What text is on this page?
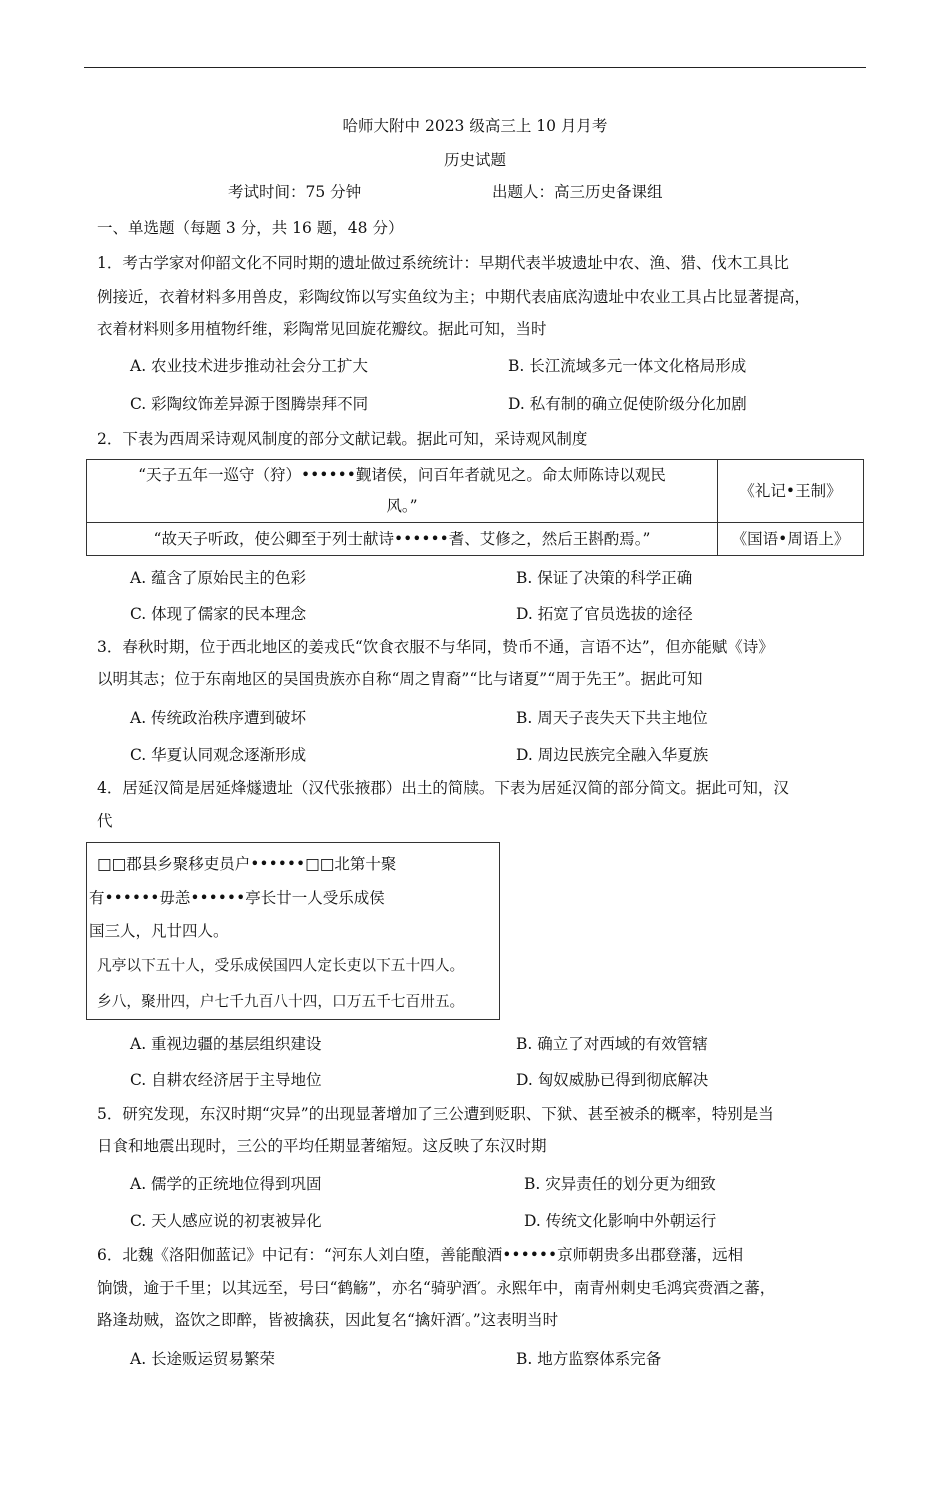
哈师大附中 2023 级高三上 10 月月考
历史试题
考试时间：75 分钟	出题人：高三历史备课组
一、单选题（每题 3 分，共 16 题，48 分）
1．考古学家对仰韶文化不同时期的遗址做过系统统计：早期代表半坡遗址中农、渔、猎、伐木工具比
例接近，衣着材料多用兽皮，彩陶纹饰以写实鱼纹为主；中期代表庙底沟遗址中农业工具占比显著提高，
衣着材料则多用植物纤维，彩陶常见回旋花瓣纹。据此可知，当时
A. 农业技术进步推动社会分工扩大	B. 长江流域多元一体文化格局形成
C. 彩陶纹饰差异源于图腾崇拜不同	D. 私有制的确立促使阶级分化加剧
2．下表为西周采诗观风制度的部分文献记载。据此可知，采诗观风制度
“天子五年一巡守（狩）••••••觐诸侯，问百年者就见之。命太师陈诗以观民
风。”	《礼记•王制》
“故天子听政，使公卿至于列士献诗••••••耆、艾修之，然后王斟酌焉。”	《国语•周语上》
A. 蕴含了原始民主的色彩	B. 保证了决策的科学正确
C. 体现了儒家的民本理念	D. 拓宽了官员选拔的途径
3．春秋时期，位于西北地区的姜戎氏“饮食衣服不与华同，贽币不通，言语不达”，但亦能赋《诗》
以明其志；位于东南地区的吴国贵族亦自称“周之胄裔”“比与诸夏”“周于先王”。据此可知
A. 传统政治秩序遭到破坏	B. 周天子丧失天下共主地位
C. 华夏认同观念逐渐形成	D. 周边民族完全融入华夏族
4．居延汉简是居延烽燧遗址（汉代张掖郡）出土的简牍。下表为居延汉简的部分简文。据此可知，汉
代
□□郡县乡聚移吏员户••••••□□北第十聚
有••••••毋恙••••••亭长廿一人受乐成侯
国三人，凡廿四人。
凡亭以下五十人，受乐成侯国四人定长吏以下五十四人。
乡八，聚卅四，户七千九百八十四，口万五千七百卅五。
A. 重视边疆的基层组织建设	B. 确立了对西域的有效管辖
C. 自耕农经济居于主导地位	D. 匈奴威胁已得到彻底解决
5．研究发现，东汉时期“灾异”的出现显著增加了三公遭到贬职、下狱、甚至被杀的概率，特别是当
日食和地震出现时，三公的平均任期显著缩短。这反映了东汉时期
A. 儒学的正统地位得到巩固	B. 灾异责任的划分更为细致
C. 天人感应说的初衷被异化	D. 传统文化影响中外朝运行
6．北魏《洛阳伽蓝记》中记有：“河东人刘白堕，善能酿酒••••••京师朝贵多出郡登藩，远相
饷馈，逾于千里；以其远至，号曰“鹤觞”，亦名“骑驴酒′。永熙年中，南青州刺史毛鸿宾赍酒之蕃，
路逢劫贼，盗饮之即醉，皆被擒获，因此复名“擒奸酒′。”这表明当时
A. 长途贩运贸易繁荣	B. 地方监察体系完备
